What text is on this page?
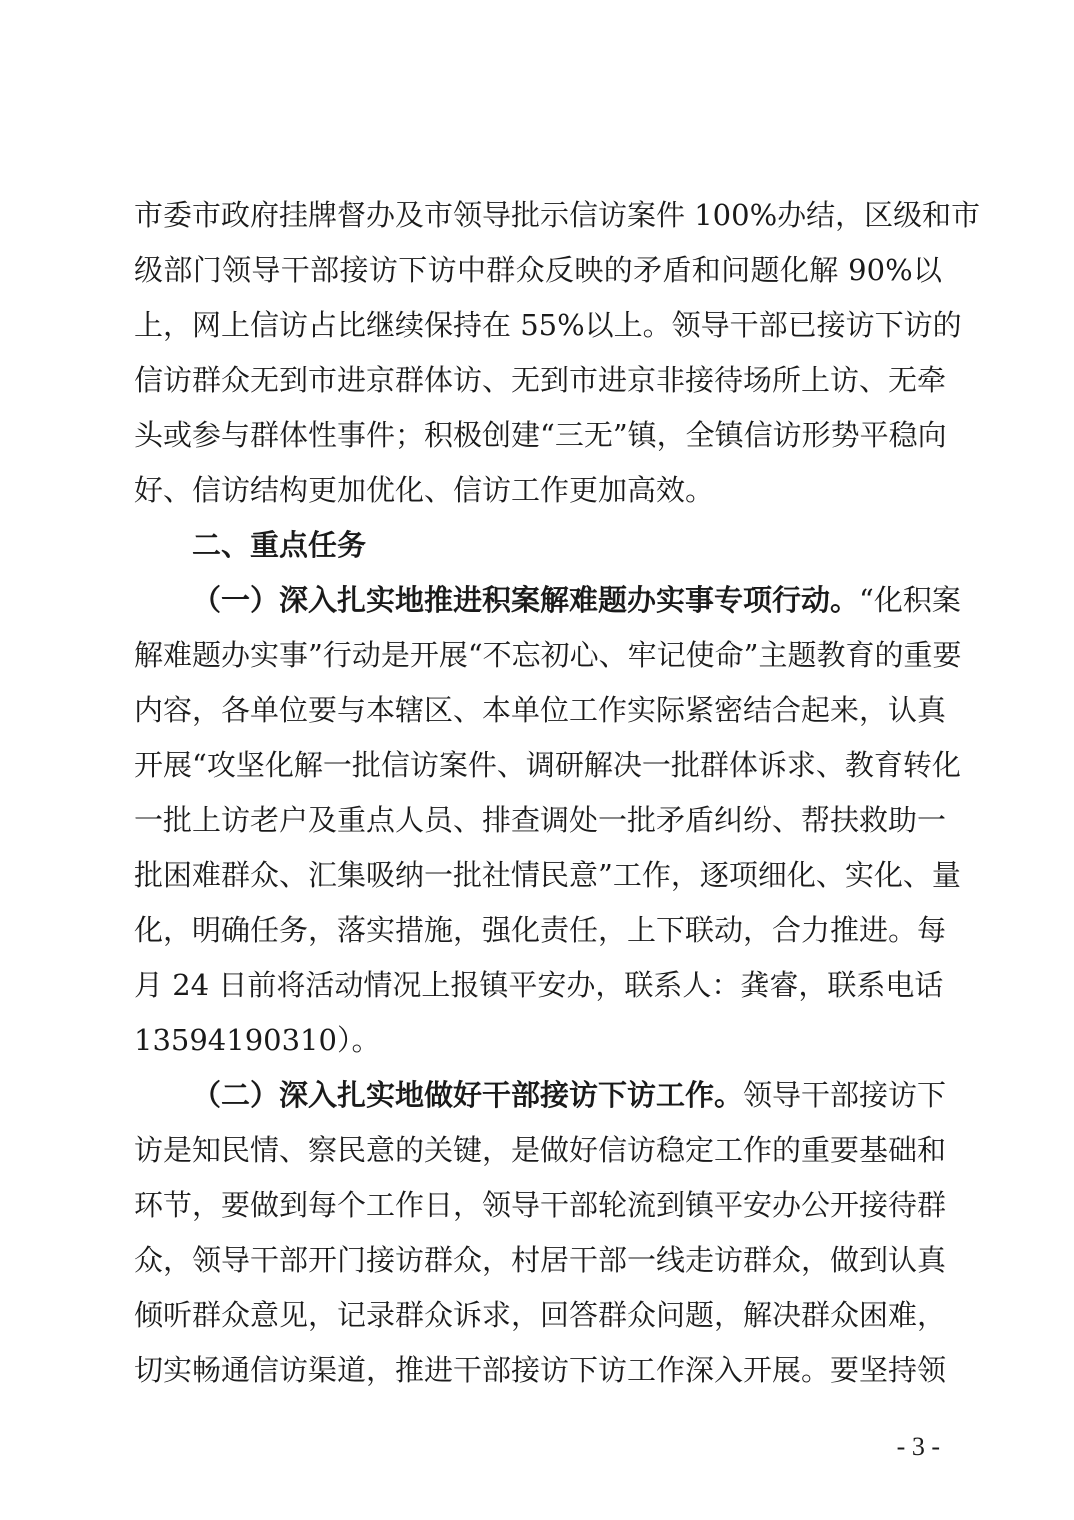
市委市政府挂牌督办及市领导批示信访案件 100%办结，区级和市
级部门领导干部接访下访中群众反映的矛盾和问题化解 90%以
上，网上信访占比继续保持在 55%以上。领导干部已接访下访的
信访群众无到市进京群体访、无到市进京非接待场所上访、无牵
头或参与群体性事件；积极创建“三无”镇，全镇信访形势平稳向
好、信访结构更加优化、信访工作更加高效。
二、重点任务
（一）深入扎实地推进积案解难题办实事专项行动。“化积案
解难题办实事”行动是开展“不忘初心、牢记使命”主题教育的重要
内容，各单位要与本辖区、本单位工作实际紧密结合起来，认真
开展“攻坚化解一批信访案件、调研解决一批群体诉求、教育转化
一批上访老户及重点人员、排查调处一批矛盾纠纷、帮扶救助一
批困难群众、汇集吸纳一批社情民意”工作，逐项细化、实化、量
化，明确任务，落实措施，强化责任，上下联动，合力推进。每
月 24 日前将活动情况上报镇平安办，联系人：龚睿，联系电话
13594190310）。
（二）深入扎实地做好干部接访下访工作。领导干部接访下
访是知民情、察民意的关键，是做好信访稳定工作的重要基础和
环节，要做到每个工作日，领导干部轮流到镇平安办公开接待群
众，领导干部开门接访群众，村居干部一线走访群众，做到认真
倾听群众意见，记录群众诉求，回答群众问题，解决群众困难，
切实畅通信访渠道，推进干部接访下访工作深入开展。要坚持领
- 3 -
